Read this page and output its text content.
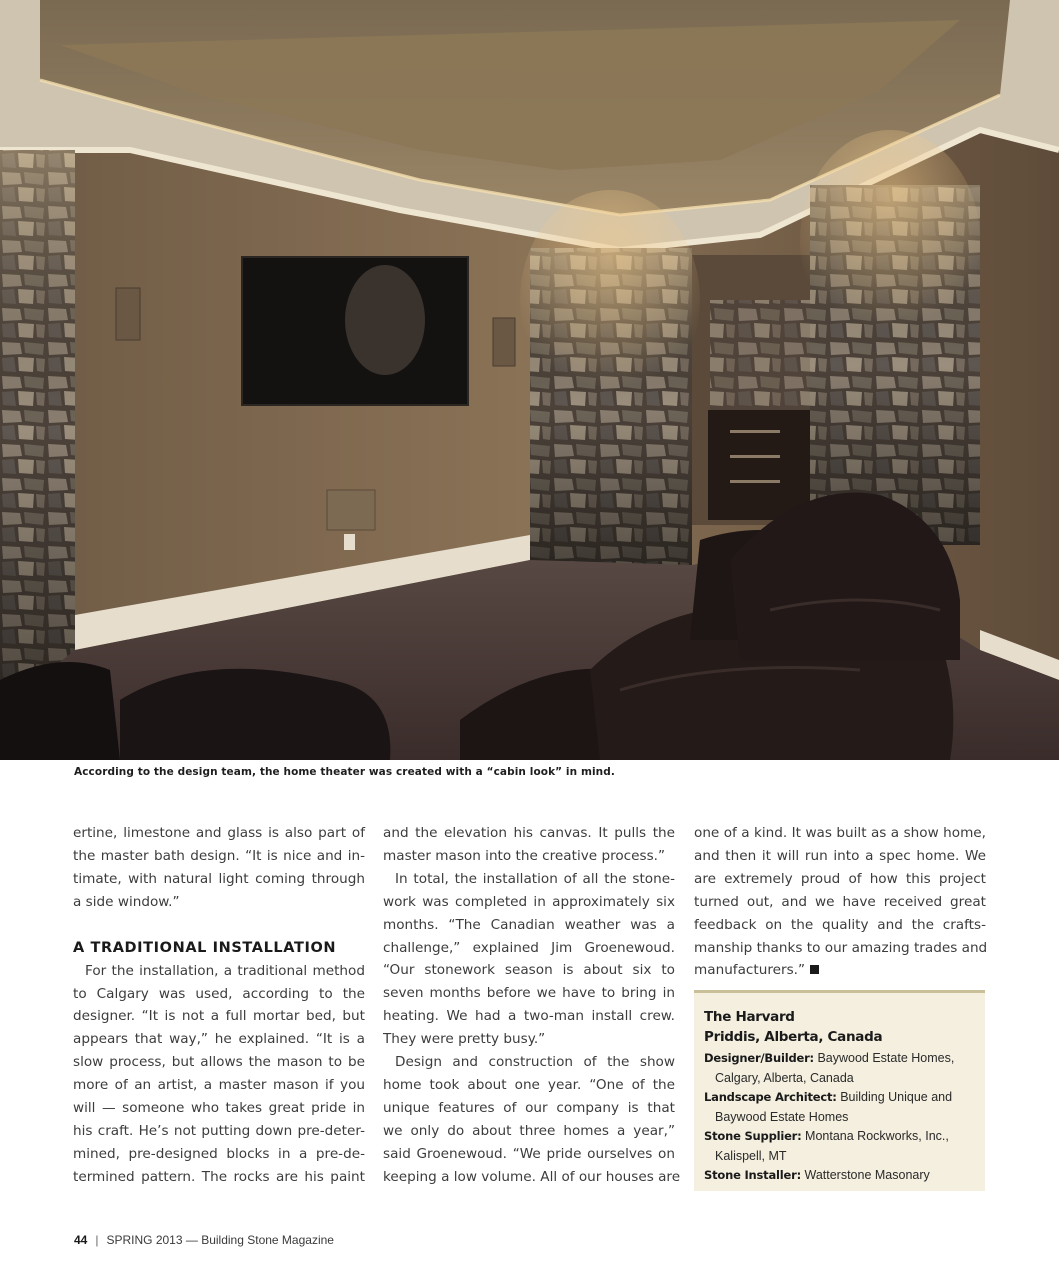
According to the design team, the home theater was created with a “cabin look” in mind.

ertine, limestone and glass is also part of
the master bath design. “It is nice and in-
timate, with natural light coming through
a side window.”

A TRADITIONAL INSTALLATION

For the installation, a traditional method
to Calgary was used, according to the
designer. “It is not a full mortar bed, but
appears that way,” he explained. “It is a
slow process, but allows the mason to be
more of an artist, a master mason if you
will — someone who takes great pride in
his craft. He’s not putting down pre-deter-
mined, pre-designed blocks in a pre-de-
termined pattern. The rocks are his paint

and the elevation his canvas. It pulls the
master mason into the creative process.”

In total, the installation of all the stone-
work was completed in approximately six
months. “The Canadian weather was a
challenge,” explained Jim Groenewoud.
“Our stonework season is about six to
seven months before we have to bring in
heating. We had a two-man install crew.
They were pretty busy.”

Design and construction of the show
home took about one year. “One of the
unique features of our company is that
we only do about three homes a year,”
said Groenewoud. “We pride ourselves on
keeping a low volume. All of our houses are

one of a kind. It was built as a show home,
and then it will run into a spec home. We
are extremely proud of how this project
turned out, and we have received great
feedback on the quality and the crafts-
manship thanks to our amazing trades and
manufacturers.”

The Harvard
Priddis, Alberta, Canada
Designer/Builder: Baywood Estate Homes,
Calgary, Alberta, Canada
Landscape Architect: Building Unique and
Baywood Estate Homes
Stone Supplier: Montana Rockworks, Inc.,
Kalispell, MT
Stone Installer: Watterstone Masonary
44 | SPRING 2013 — Building Stone Magazine
